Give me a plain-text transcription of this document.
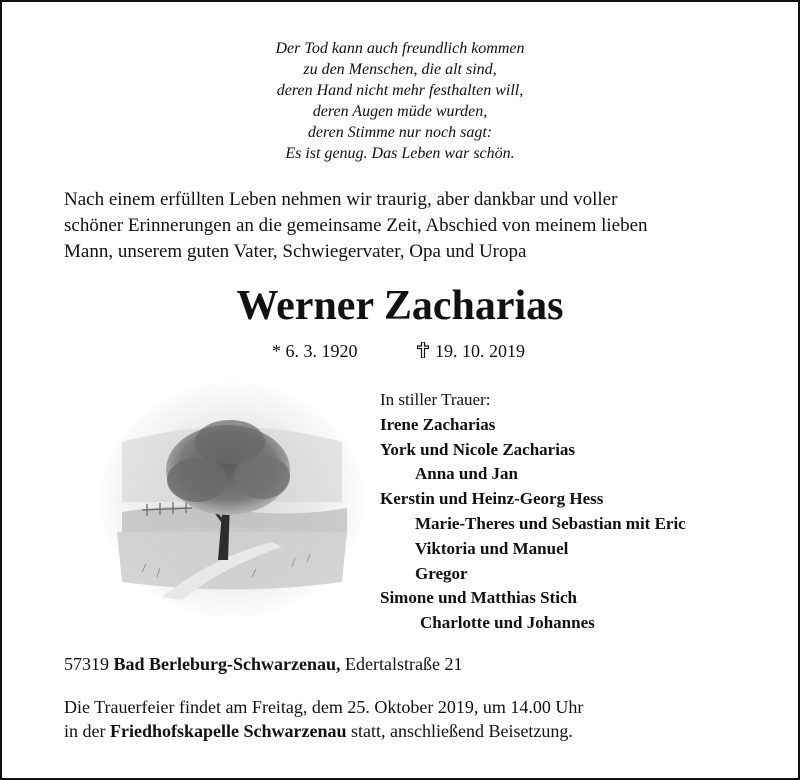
Der Tod kann auch freundlich kommen
zu den Menschen, die alt sind,
deren Hand nicht mehr festhalten will,
deren Augen müde wurden,
deren Stimme nur noch sagt:
Es ist genug. Das Leben war schön.
Nach einem erfüllten Leben nehmen wir traurig, aber dankbar und voller
schöner Erinnerungen an die gemeinsame Zeit, Abschied von meinem lieben
Mann, unserem guten Vater, Schwiegervater, Opa und Uropa
Werner Zacharias
* 6. 3. 1920	19. 10. 2019
In stiller Trauer:
Irene Zacharias
York und Nicole Zacharias
Anna und Jan
Kerstin und Heinz-Georg Hess
Marie-Theres und Sebastian mit Eric
Viktoria und Manuel
Gregor
Simone und Matthias Stich
Charlotte und Johannes
57319 Bad Berleburg-Schwarzenau, Edertalstraße 21
Die Trauerfeier findet am Freitag, dem 25. Oktober 2019, um 14.00 Uhr
in der Friedhofskapelle Schwarzenau statt, anschließend Beisetzung.
